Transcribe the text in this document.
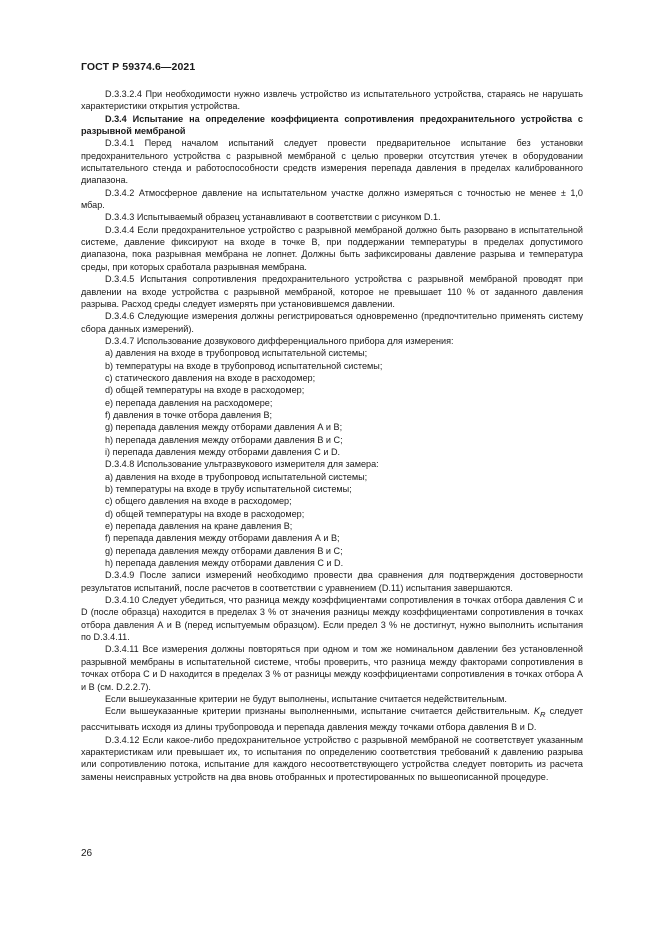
ГОСТ Р 59374.6—2021

D.3.3.2.4 При необходимости нужно извлечь устройство из испытательного устройства, стараясь не нарушать характеристики открытия устройства.

D.3.4 Испытание на определение коэффициента сопротивления предохранительного устройства с разрывной мембраной

D.3.4.1 Перед началом испытаний следует провести предварительное испытание без установки предохранительного устройства с разрывной мембраной с целью проверки отсутствия утечек в оборудовании испытательного стенда и работоспособности средств измерения перепада давления в пределах калиброванного диапазона.

D.3.4.2 Атмосферное давление на испытательном участке должно измеряться с точностью не менее ± 1,0 мбар.

D.3.4.3 Испытываемый образец устанавливают в соответствии с рисунком D.1.

D.3.4.4 Если предохранительное устройство с разрывной мембраной должно быть разорвано в испытательной системе, давление фиксируют на входе в точке В, при поддержании температуры в пределах допустимого диапазона, пока разрывная мембрана не лопнет. Должны быть зафиксированы давление разрыва и температура среды, при которых сработала разрывная мембрана.

D.3.4.5 Испытания сопротивления предохранительного устройства с разрывной мембраной проводят при давлении на входе устройства с разрывной мембраной, которое не превышает 110 % от заданного давления разрыва. Расход среды следует измерять при установившемся давлении.

D.3.4.6 Следующие измерения должны регистрироваться одновременно (предпочтительно применять систему сбора данных измерений).

D.3.4.7 Использование дозвукового дифференциального прибора для измерения:

a) давления на входе в трубопровод испытательной системы;

b) температуры на входе в трубопровод испытательной системы;

c) статического давления на входе в расходомер;

d) общей температуры на входе в расходомер;

e) перепада давления на расходомере;

f) давления в точке отбора давления В;

g) перепада давления между отборами давления А и В;

h) перепада давления между отборами давления В и С;

i) перепада давления между отборами давления С и D.

D.3.4.8 Использование ультразвукового измерителя для замера:

a) давления на входе в трубопровод испытательной системы;

b) температуры на входе в трубу испытательной системы;

c) общего давления на входе в расходомер;

d) общей температуры на входе в расходомер;

e) перепада давления на кране давления В;

f) перепада давления между отборами давления А и В;

g) перепада давления между отборами давления В и С;

h) перепада давления между отборами давления С и D.

D.3.4.9 После записи измерений необходимо провести два сравнения для подтверждения достоверности результатов испытаний, после расчетов в соответствии с уравнением (D.11) испытания завершаются.

D.3.4.10 Следует убедиться, что разница между коэффициентами сопротивления в точках отбора давления С и D (после образца) находится в пределах 3 % от значения разницы между коэффициентами сопротивления в точках отбора давления А и В (перед испытуемым образцом). Если предел 3 % не достигнут, нужно выполнить испытания по D.3.4.11.

D.3.4.11 Все измерения должны повторяться при одном и том же номинальном давлении без установленной разрывной мембраны в испытательной системе, чтобы проверить, что разница между факторами сопротивления в точках отбора С и D находится в пределах 3 % от разницы между коэффициентами сопротивления в точках отбора А и В (см. D.2.2.7).

Если вышеуказанные критерии не будут выполнены, испытание считается недействительным.

Если вышеуказанные критерии признаны выполненными, испытание считается действительным. $K_R$ следует рассчитывать исходя из длины трубопровода и перепада давления между точками отбора давления В и D.

D.3.4.12 Если какое-либо предохранительное устройство с разрывной мембраной не соответствует указанным характеристикам или превышает их, то испытания по определению соответствия требований к давлению разрыва или сопротивлению потока, испытание для каждого несоответствующего устройства следует повторить из расчета замены неисправных устройств на два вновь отобранных и протестированных по вышеописанной процедуре.

26
